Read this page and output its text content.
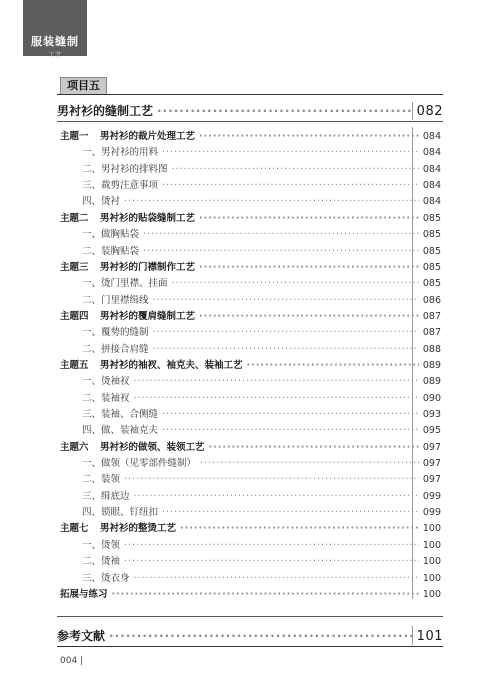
服装缝制
工艺
项目五
男衬衫的缝制工艺 ·····	082
主题一 男衬衫的裁片处理工艺 ·····	084
一、男衬衫的用料 ·····	084
二、男衬衫的排料图 ·····	084
三、裁剪注意事项 ·····	084
四、烫衬 ·····	084
主题二 男衬衫的贴袋缝制工艺 ·····	085
一、做胸贴袋 ·····	085
二、装胸贴袋 ·····	085
主题三 男衬衫的门襟制作工艺 ·····	085
一、烫门里襟、挂面 ·····	085
二、门里襟缉线 ·····	086
主题四 男衬衫的覆肩缝制工艺 ·····	087
一、覆势的缝制 ·····	087
二、拼接合肩缝 ·····	088
主题五 男衬衫的袖衩、袖克夫、装袖工艺 ·····	089
一、烫袖衩 ·····	089
二、装袖衩 ·····	090
三、装袖、合侧缝 ·····	093
四、做、装袖克夫 ·····	095
主题六 男衬衫的做领、装领工艺 ·····	097
一、做领（见零部件缝制） ·····	097
二、装领 ·····	097
三、缉底边 ·····	099
四、锁眼、钉纽扣 ·····	099
主题七 男衬衫的整烫工艺 ·····	100
一、烫领 ·····	100
二、烫袖 ·····	100
三、烫衣身 ·····	100
拓展与练习 ·····	100
参考文献 ·····	101
004 |
